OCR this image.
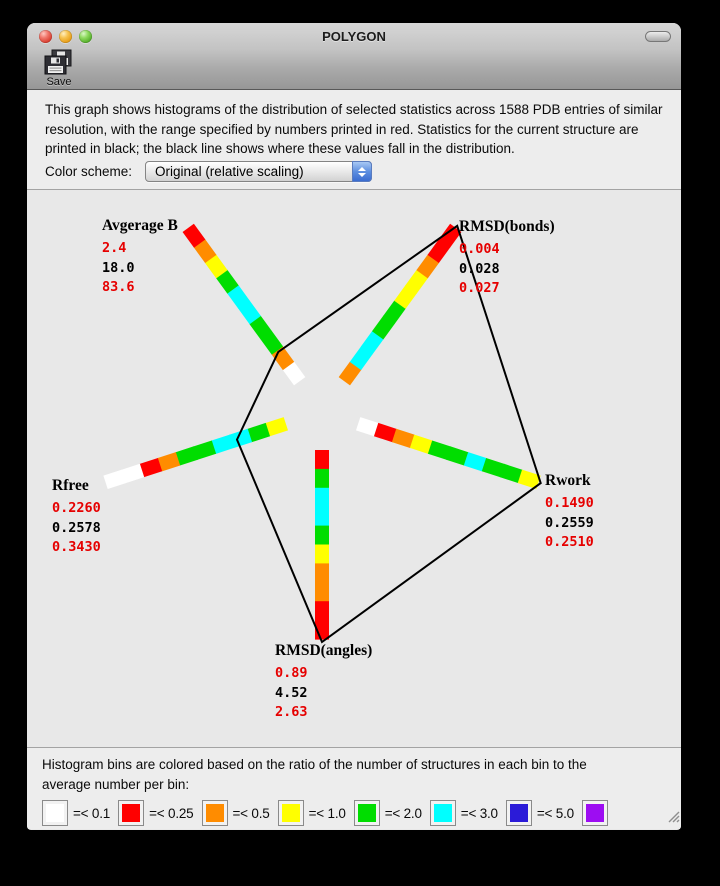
POLYGON
Save
This graph shows histograms of the distribution of selected statistics across 1588 PDB entries of similar resolution, with the range specified by numbers printed in red. Statistics for the current structure are printed in black; the black line shows where these values fall in the distribution.
Color scheme:	Original (relative scaling)
Avgerage B
2.4
18.0
83.6
RMSD(bonds)
0.004
0.028
0.027
Rwork
0.1490
0.2559
0.2510
RMSD(angles)
0.89
4.52
2.63
Rfree
0.2260
0.2578
0.3430
Histogram bins are colored based on the ratio of the number of structures in each bin to the
average number per bin:
=< 0.1	=< 0.25	=< 0.5	=< 1.0	=< 2.0	=< 3.0	=< 5.0
